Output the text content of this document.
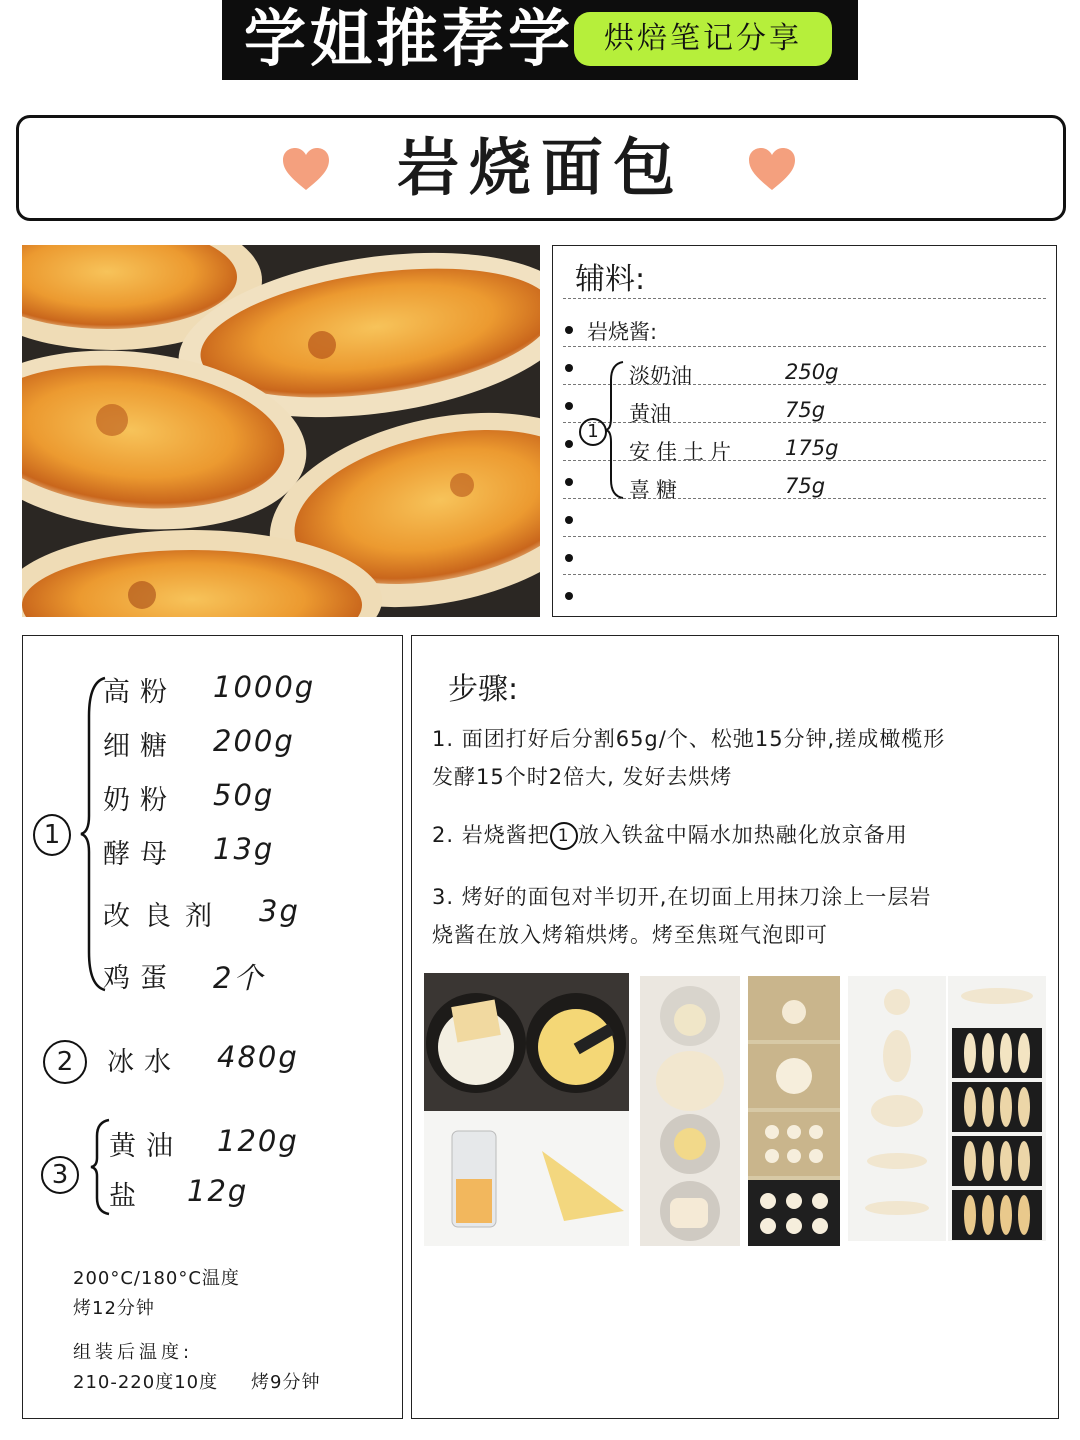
学姐推荐学 烘焙笔记分享
岩烧面包
辅料:
岩烧酱:
1
淡奶油	250g
黄油	75g
安佳土片 175g
喜糖	75g
1
高粉 1000g
细糖 200g
奶粉 50g
酵母 13g
改良剂 3g
鸡蛋 2个
2	冰水 480g
3
黄油 120g
盐 12g
200°C/180°C温度
烤12分钟
组装后温度:
210-220度10度 烤9分钟
步骤:
1. 面团打好后分割65g/个、松弛15分钟,搓成橄榄形
发酵15个时2倍大, 发好去烘烤
2. 岩烧酱把 1 放入铁盆中隔水加热融化放京备用
3. 烤好的面包对半切开,在切面上用抹刀涂上一层岩
烧酱在放入烤箱烘烤。烤至焦斑气泡即可
